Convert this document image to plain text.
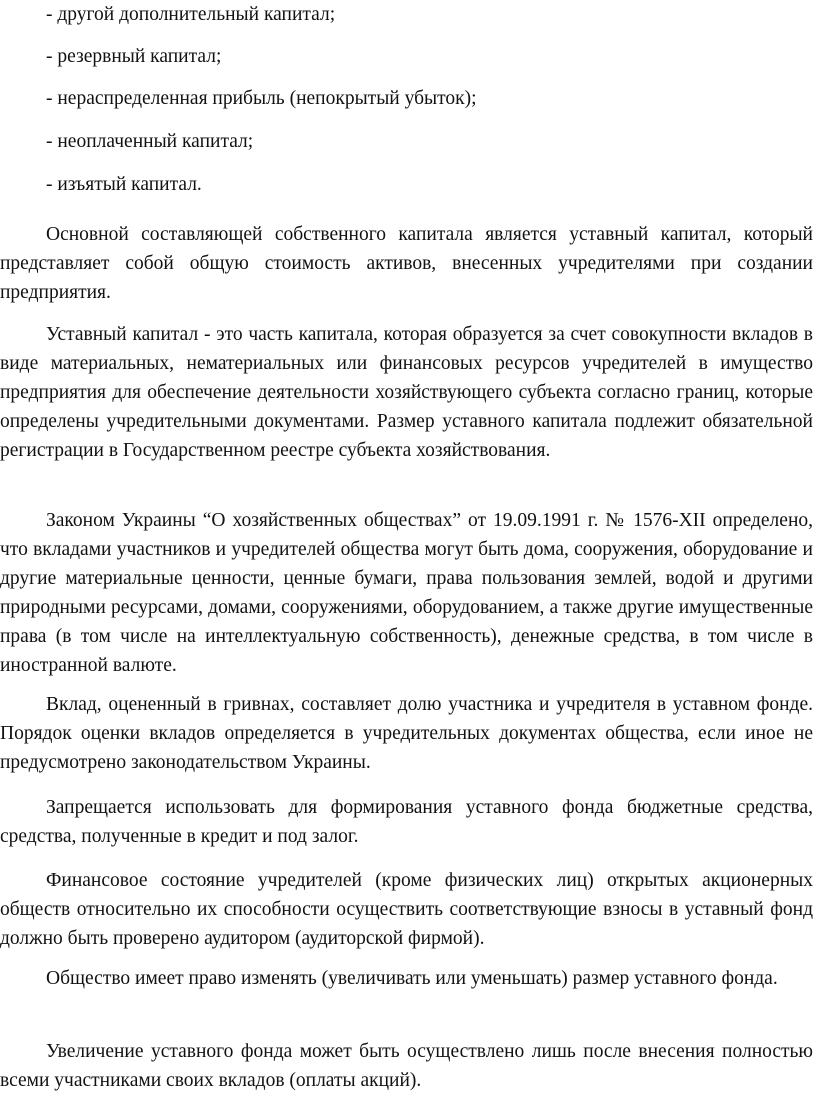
- другой дополнительный капитал;
- резервный капитал;
- нераспределенная прибыль (непокрытый убыток);
- неоплаченный капитал;
- изъятый капитал.
Основной составляющей собственного капитала является уставный капитал, который представляет собой общую стоимость активов, внесенных учредителями при создании предприятия.
Уставный капитал - это часть капитала, которая образуется за счет совокупности вкладов в виде материальных, нематериальных или финансовых ресурсов учредителей в имущество предприятия для обеспечение деятельности хозяйствующего субъекта согласно границ, которые определены учредительными документами. Размер уставного капитала подлежит обязательной регистрации в Государственном реестре субъекта хозяйствования.
Законом Украины “О хозяйственных обществах” от 19.09.1991 г. № 1576-XII определено, что вкладами участников и учредителей общества могут быть дома, сооружения, оборудование и другие материальные ценности, ценные бумаги, права пользования землей, водой и другими природными ресурсами, домами, сооружениями, оборудованием, а также другие имущественные права (в том числе на интеллектуальную собственность), денежные средства, в том числе в иностранной валюте.
Вклад, оцененный в гривнах, составляет долю участника и учредителя в уставном фонде. Порядок оценки вкладов определяется в учредительных документах общества, если иное не предусмотрено законодательством Украины.
Запрещается использовать для формирования уставного фонда бюджетные средства, средства, полученные в кредит и под залог.
Финансовое состояние учредителей (кроме физических лиц) открытых акционерных обществ относительно их способности осуществить соответствующие взносы в уставный фонд должно быть проверено аудитором (аудиторской фирмой).
Общество имеет право изменять (увеличивать или уменьшать) размер уставного фонда.
Увеличение уставного фонда может быть осуществлено лишь после внесения полностью всеми участниками своих вкладов (оплаты акций).
